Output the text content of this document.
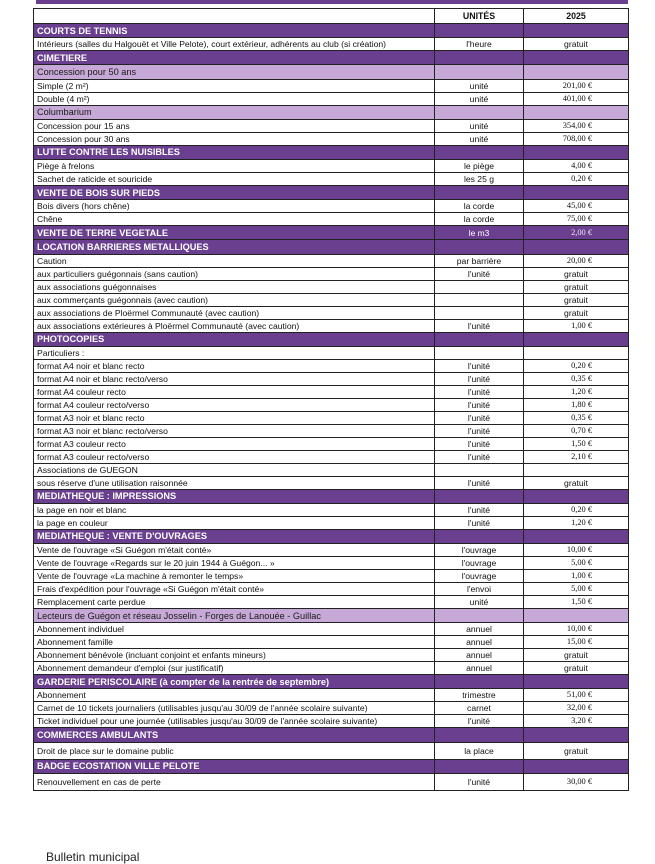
	UNITÉS	2025
COURTS DE TENNIS		
Intérieurs (salles du Halgouët et Ville Pelote), court extérieur, adhérents au club (si création)	l'heure	gratuit
CIMETIERE		
Concession pour 50 ans		
Simple (2 m²)	unité	201,00 €
Double (4 m²)	unité	401,00 €
Columbarium		
Concession pour 15 ans	unité	354,00 €
Concession pour 30 ans	unité	708,00 €
LUTTE CONTRE LES NUISIBLES		
Piège à frelons	le piège	4,00 €
Sachet de raticide et souricide	les 25 g	0,20 €
VENTE DE BOIS SUR PIEDS		
Bois divers (hors chêne)	la corde	45,00 €
Chêne	la corde	75,00 €
VENTE DE TERRE VEGETALE	le m3	2,00 €
LOCATION BARRIERES METALLIQUES		
Caution	par barrière	20,00 €
aux particuliers guégonnais (sans caution)	l'unité	gratuit
aux associations guégonnaises		gratuit
aux commerçants guégonnais (avec caution)		gratuit
aux associations de Ploërmel Communauté (avec caution)		gratuit
aux associations extérieures à Ploërmel Communauté (avec caution)	l'unité	1,00 €
PHOTOCOPIES		
Particuliers :		
format A4 noir et blanc recto	l'unité	0,20 €
format A4 noir et blanc recto/verso	l'unité	0,35 €
format A4 couleur recto	l'unité	1,20 €
format A4 couleur recto/verso	l'unité	1,80 €
format A3 noir et blanc recto	l'unité	0,35 €
format A3 noir et blanc recto/verso	l'unité	0,70 €
format A3 couleur recto	l'unité	1,50 €
format A3 couleur recto/verso	l'unité	2,10 €
Associations de GUEGON		
sous réserve d'une utilisation raisonnée	l'unité	gratuit
MEDIATHEQUE : IMPRESSIONS		
la page en noir et blanc	l'unité	0,20 €
la page en couleur	l'unité	1,20 €
MEDIATHEQUE : VENTE D'OUVRAGES		
Vente de l'ouvrage «Si Guégon m'était conté»	l'ouvrage	10,00 €
Vente de l'ouvrage «Regards sur le 20 juin 1944 à Guégon... »	l'ouvrage	5,00 €
Vente de l'ouvrage «La machine à remonter le temps»	l'ouvrage	1,00 €
Frais d'expédition pour l'ouvrage «Si Guégon m'était conté»	l'envoi	5,00 €
Remplacement carte perdue	unité	1,50 €
Lecteurs de Guégon et réseau Josselin - Forges de Lanouée - Guillac		
Abonnement individuel	annuel	10,00 €
Abonnement famille	annuel	15,00 €
Abonnement bénévole (incluant conjoint et enfants mineurs)	annuel	gratuit
Abonnement demandeur d'emploi (sur justificatif)	annuel	gratuit
GARDERIE PERISCOLAIRE (à compter de la rentrée de septembre)		
Abonnement	trimestre	51,00 €
Carnet de 10 tickets journaliers (utilisables jusqu'au 30/09 de l'année scolaire suivante)	carnet	32,00 €
Ticket individuel pour une journée (utilisables jusqu'au 30/09 de l'année scolaire suivante)	l'unité	3,20 €
COMMERCES AMBULANTS		
Droit de place sur le domaine public	la place	gratuit
BADGE ECOSTATION VILLE PELOTE		
Renouvellement en cas de perte	l'unité	30,00 €
Bulletin municipal
